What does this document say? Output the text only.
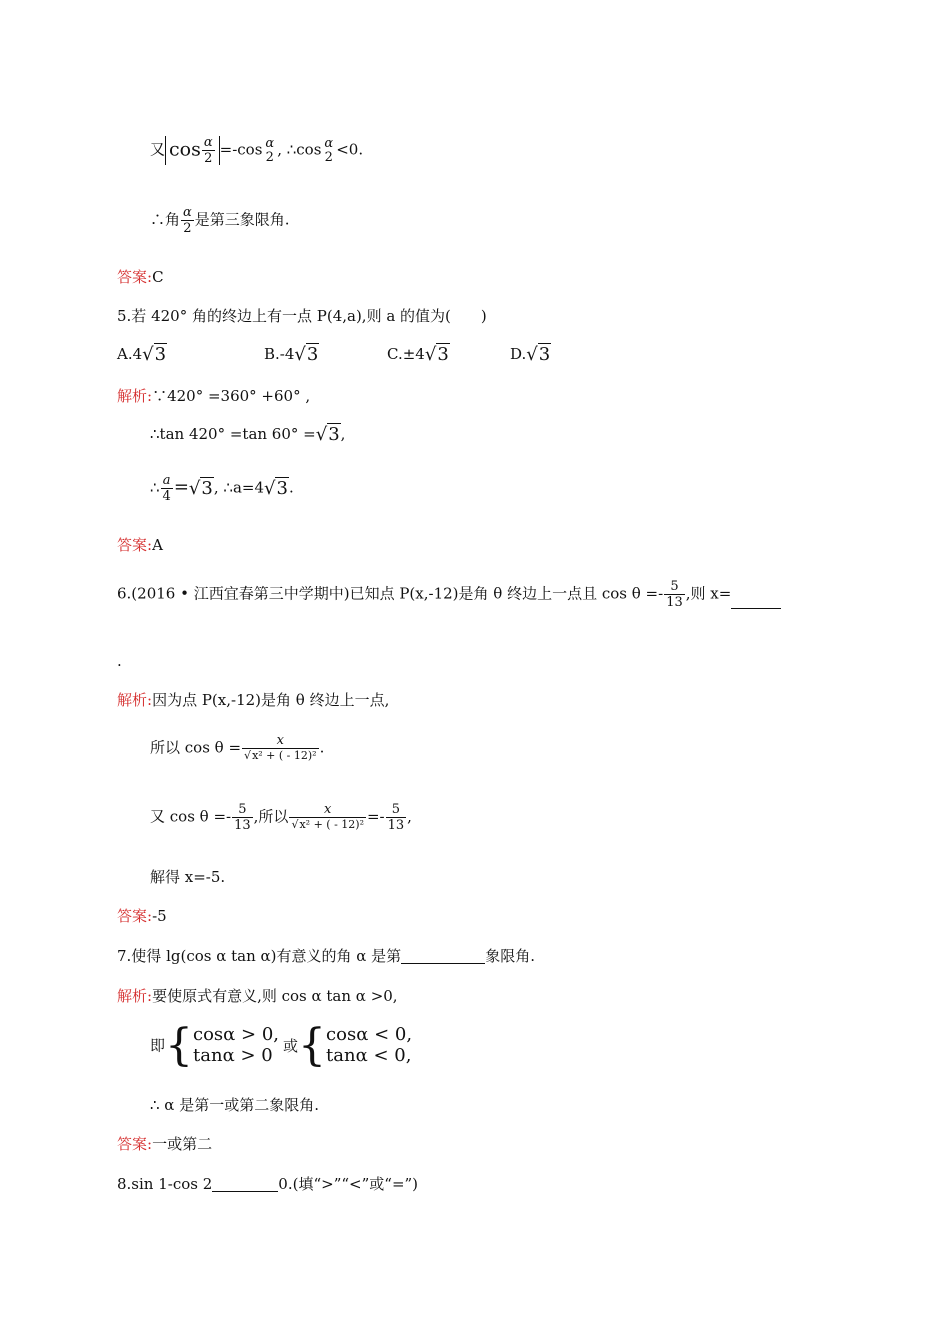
又 $\cos \frac{\alpha}{2} =-\cos$ α
2 , ∴cos α
2 <0.
∴角 $\frac{\alpha}{2}$ 是第三象限角.
答案:C
5.若 420° 角的终边上有一点 P(4,a),则 a 的值为(　　)
A.4√3	B.-4√3	C.±4√3	D.√3
解析:∵420° =360° +60° ,
∴tan 420° =tan 60° =√3,
∴ $\frac{a}{4} =√3$, ∴a=4√3.
答案:A
6.(2016 • 江西宜春第三中学期中)已知点 P(x,-12)是角 θ 终边上一点且 $\cos \theta =- \frac{5}{13}$ ,则 x=
.
解析:因为点 P(x,-12)是角 θ 终边上一点,
所以 $\cos \theta = \frac{x}{\text{√x² + ( - 12)²}}$ .
又 $\cos \theta =- \frac{5}{13}$ ,所以 $\frac{x}{\text{√x² + ( - 12)²}} =- \frac{5}{13}$ ,
解得 x=-5.
答案:-5
7.使得 lg(cos α tan α)有意义的角 α 是第	象限角.
解析:要使原式有意义,则 cos α tan α >0,
即{ cosα > 0,
tanα > 0 或{ cosα < 0,
tanα < 0,
∴ α 是第一或第二象限角.
答案:一或第二
8.sin 1-cos 2	0.(填“>”“<”或“=”)
